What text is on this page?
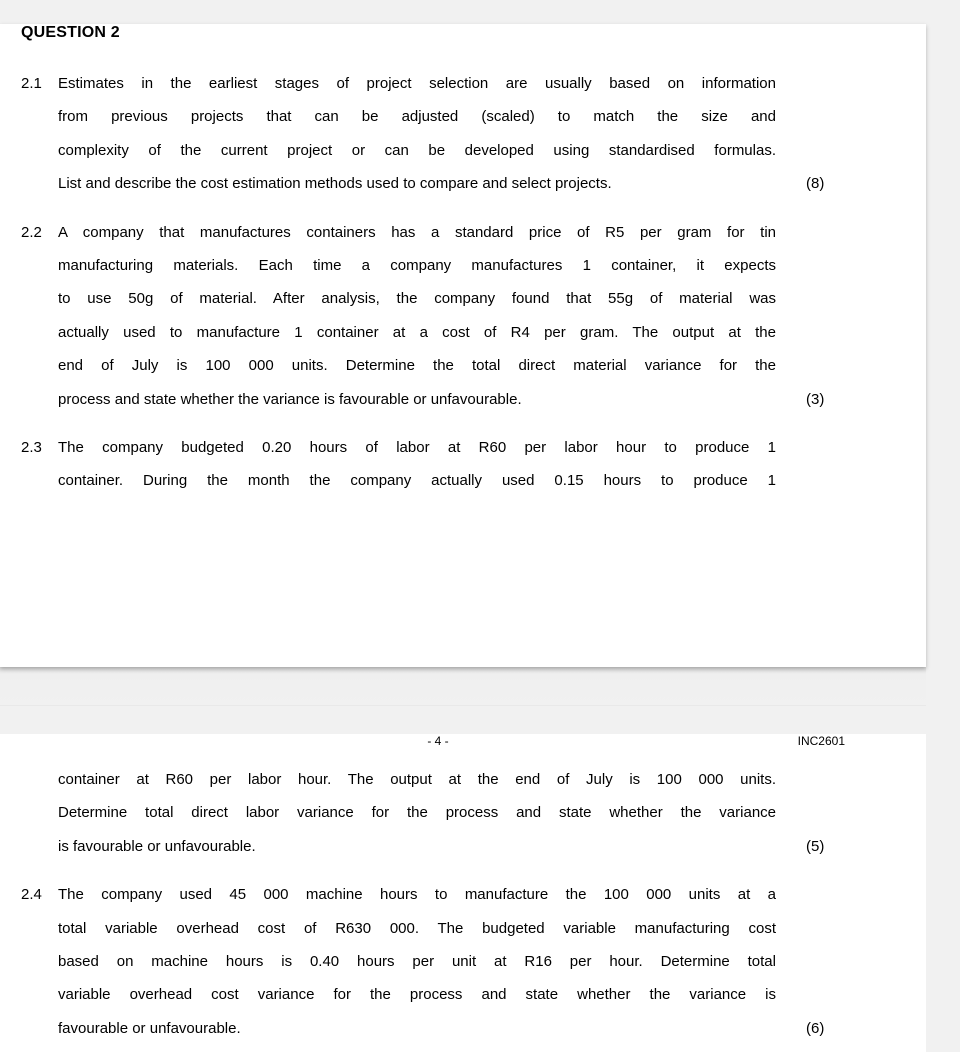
QUESTION 2
2.1	Estimates in the earliest stages of project selection are usually based on information
from previous projects that can be adjusted (scaled) to match the size and
complexity of the current project or can be developed using standardised formulas.
List and describe the cost estimation methods used to compare and select projects.	(8)
2.2	A company that manufactures containers has a standard price of R5 per gram for tin
manufacturing materials. Each time a company manufactures 1 container, it expects
to use 50g of material. After analysis, the company found that 55g of material was
actually used to manufacture 1 container at a cost of R4 per gram. The output at the
end of July is 100 000 units. Determine the total direct material variance for the
process and state whether the variance is favourable or unfavourable.	(3)
2.3	The company budgeted 0.20 hours of labor at R60 per labor hour to produce 1
container. During the month the company actually used 0.15 hours to produce 1
- 4 -	INC2601
container at R60 per labor hour. The output at the end of July is 100 000 units.
Determine total direct labor variance for the process and state whether the variance
is favourable or unfavourable.	(5)
2.4	The company used 45 000 machine hours to manufacture the 100 000 units at a
total variable overhead cost of R630 000. The budgeted variable manufacturing cost
based on machine hours is 0.40 hours per unit at R16 per hour. Determine total
variable overhead cost variance for the process and state whether the variance is
favourable or unfavourable.	(6)
